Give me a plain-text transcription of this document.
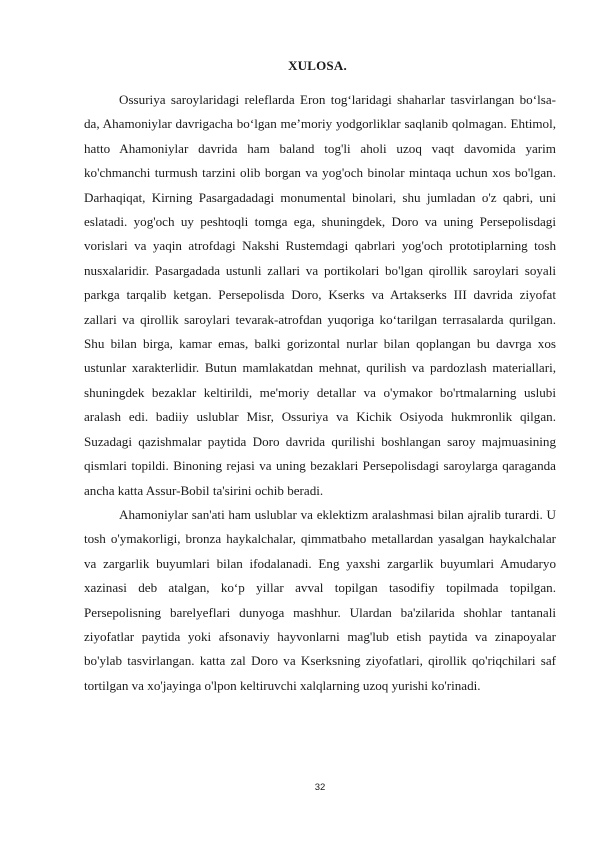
XULOSA.

Ossuriya saroylaridagi releflarda Eron tog‘laridagi shaharlar tasvirlangan bo‘lsa-da, Ahamoniylar davrigacha bo‘lgan me’moriy yodgorliklar saqlanib qolmagan. Ehtimol, hatto Ahamoniylar davrida ham baland tog'li aholi uzoq vaqt davomida yarim ko'chmanchi turmush tarzini olib borgan va yog'och binolar mintaqa uchun xos bo'lgan. Darhaqiqat, Kirning Pasargadadagi monumental binolari, shu jumladan o'z qabri, uni eslatadi. yog'och uy peshtoqli tomga ega, shuningdek, Doro va uning Persepolisdagi vorislari va yaqin atrofdagi Nakshi Rustemdagi qabrlari yog'och prototiplarning tosh nusxalaridir. Pasargadada ustunli zallari va portikolari bo'lgan qirollik saroylari soyali parkga tarqalib ketgan. Persepolisda Doro, Kserks va Artakserks III davrida ziyofat zallari va qirollik saroylari tevarak-atrofdan yuqoriga ko‘tarilgan terrasalarda qurilgan. Shu bilan birga, kamar emas, balki gorizontal nurlar bilan qoplangan bu davrga xos ustunlar xarakterlidir. Butun mamlakatdan mehnat, qurilish va pardozlash materiallari, shuningdek bezaklar keltirildi, me'moriy detallar va o'ymakor bo'rtmalarning uslubi aralash edi. badiiy uslublar Misr, Ossuriya va Kichik Osiyoda hukmronlik qilgan. Suzadagi qazishmalar paytida Doro davrida qurilishi boshlangan saroy majmuasining qismlari topildi. Binoning rejasi va uning bezaklari Persepolisdagi saroylarga qaraganda ancha katta Assur-Bobil ta'sirini ochib beradi.

Ahamoniylar san'ati ham uslublar va eklektizm aralashmasi bilan ajralib turardi. U tosh o'ymakorligi, bronza haykalchalar, qimmatbaho metallardan yasalgan haykalchalar va zargarlik buyumlari bilan ifodalanadi. Eng yaxshi zargarlik buyumlari Amudaryo xazinasi deb atalgan, ko‘p yillar avval topilgan tasodifiy topilmada topilgan. Persepolisning barelyeflari dunyoga mashhur. Ulardan ba'zilarida shohlar tantanali ziyofatlar paytida yoki afsonaviy hayvonlarni mag'lub etish paytida va zinapoyalar bo'ylab tasvirlangan. katta zal Doro va Kserksning ziyofatlari, qirollik qo'riqchilari saf tortilgan va xo'jayinga o'lpon keltiruvchi xalqlarning uzoq yurishi ko'rinadi.

32
